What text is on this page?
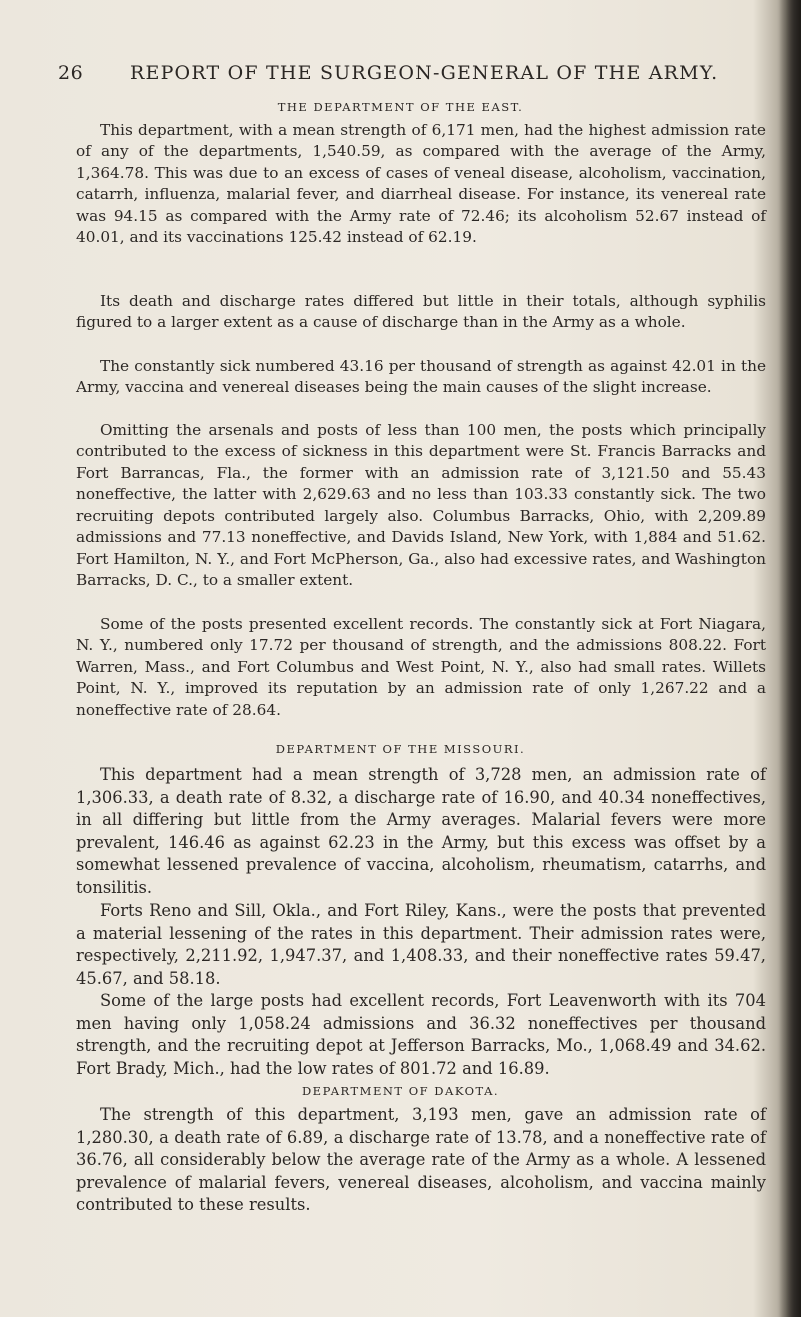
26 REPORT OF THE SURGEON-GENERAL OF THE ARMY.
THE DEPARTMENT OF THE EAST.

This department, with a mean strength of 6,171 men, had the highest admission rate of any of the departments, 1,540.59, as compared with the average of the Army, 1,364.78. This was due to an excess of cases of veneal disease, alcoholism, vaccination, catarrh, influenza, malarial fever, and diarrheal disease. For instance, its venereal rate was 94.15 as compared with the Army rate of 72.46; its alcoholism 52.67 instead of 40.01, and its vaccinations 125.42 instead of 62.19.

Its death and discharge rates differed but little in their totals, although syphilis figured to a larger extent as a cause of discharge than in the Army as a whole.

The constantly sick numbered 43.16 per thousand of strength as against 42.01 in the Army, vaccina and venereal diseases being the main causes of the slight increase.

Omitting the arsenals and posts of less than 100 men, the posts which principally contributed to the excess of sickness in this department were St. Francis Barracks and Fort Barrancas, Fla., the former with an admission rate of 3,121.50 and 55.43 noneffective, the latter with 2,629.63 and no less than 103.33 constantly sick. The two recruiting depots contributed largely also. Columbus Barracks, Ohio, with 2,209.89 admissions and 77.13 noneffective, and Davids Island, New York, with 1,884 and 51.62. Fort Hamilton, N. Y., and Fort McPherson, Ga., also had excessive rates, and Washington Barracks, D. C., to a smaller extent.

Some of the posts presented excellent records. The constantly sick at Fort Niagara, N. Y., numbered only 17.72 per thousand of strength, and the admissions 808.22. Fort Warren, Mass., and Fort Columbus and West Point, N. Y., also had small rates. Willets Point, N. Y., improved its reputation by an admission rate of only 1,267.22 and a noneffective rate of 28.64.

DEPARTMENT OF THE MISSOURI.

This department had a mean strength of 3,728 men, an admission rate of 1,306.33, a death rate of 8.32, a discharge rate of 16.90, and 40.34 noneffectives, in all differing but little from the Army averages. Malarial fevers were more prevalent, 146.46 as against 62.23 in the Army, but this excess was offset by a somewhat lessened prevalence of vaccina, alcoholism, rheumatism, catarrhs, and tonsilitis.

Forts Reno and Sill, Okla., and Fort Riley, Kans., were the posts that prevented a material lessening of the rates in this department. Their admission rates were, respectively, 2,211.92, 1,947.37, and 1,408.33, and their noneffective rates 59.47, 45.67, and 58.18.

Some of the large posts had excellent records, Fort Leavenworth with its 704 men having only 1,058.24 admissions and 36.32 noneffectives per thousand strength, and the recruiting depot at Jefferson Barracks, Mo., 1,068.49 and 34.62. Fort Brady, Mich., had the low rates of 801.72 and 16.89.

DEPARTMENT OF DAKOTA.

The strength of this department, 3,193 men, gave an admission rate of 1,280.30, a death rate of 6.89, a discharge rate of 13.78, and a noneffective rate of 36.76, all considerably below the average rate of the Army as a whole. A lessened prevalence of malarial fevers, venereal diseases, alcoholism, and vaccina mainly contributed to these results.
